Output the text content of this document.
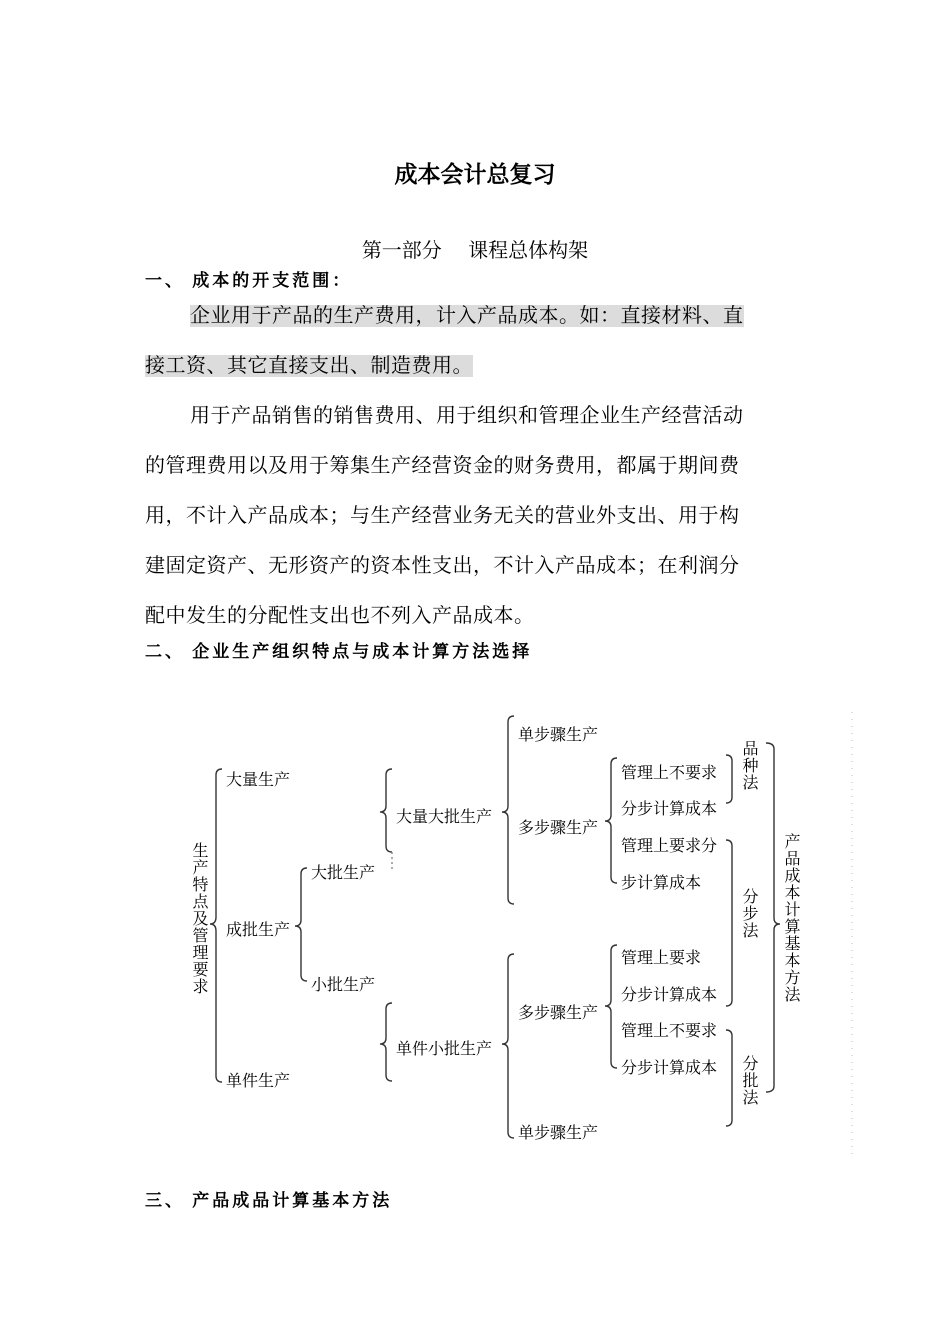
成本会计总复习
第一部分　 课程总体构架
一、 成本的开支范围：
企业用于产品的生产费用，计入产品成本。如：直接材料、直
接工资、其它直接支出、制造费用。
用于产品销售的销售费用、用于组织和管理企业生产经营活动
的管理费用以及用于筹集生产经营资金的财务费用，都属于期间费
用，不计入产品成本；与生产经营业务无关的营业外支出、用于构
建固定资产、无形资产的资本性支出，不计入产品成本；在利润分
配中发生的分配性支出也不列入产品成本。
二、 企业生产组织特点与成本计算方法选择
生产特点及管理要求
大量生产
成批生产
单件生产
大批生产
小批生产
大量大批生产
单件小批生产
单步骤生产
多步骤生产
管理上不要求
分步计算成本
管理上要求分
步计算成本
多步骤生产
单步骤生产
管理上要求
分步计算成本
管理上不要求
分步计算成本
品种法
分步法
分批法
产品成本计算基本方法
三、 产品成品计算基本方法
